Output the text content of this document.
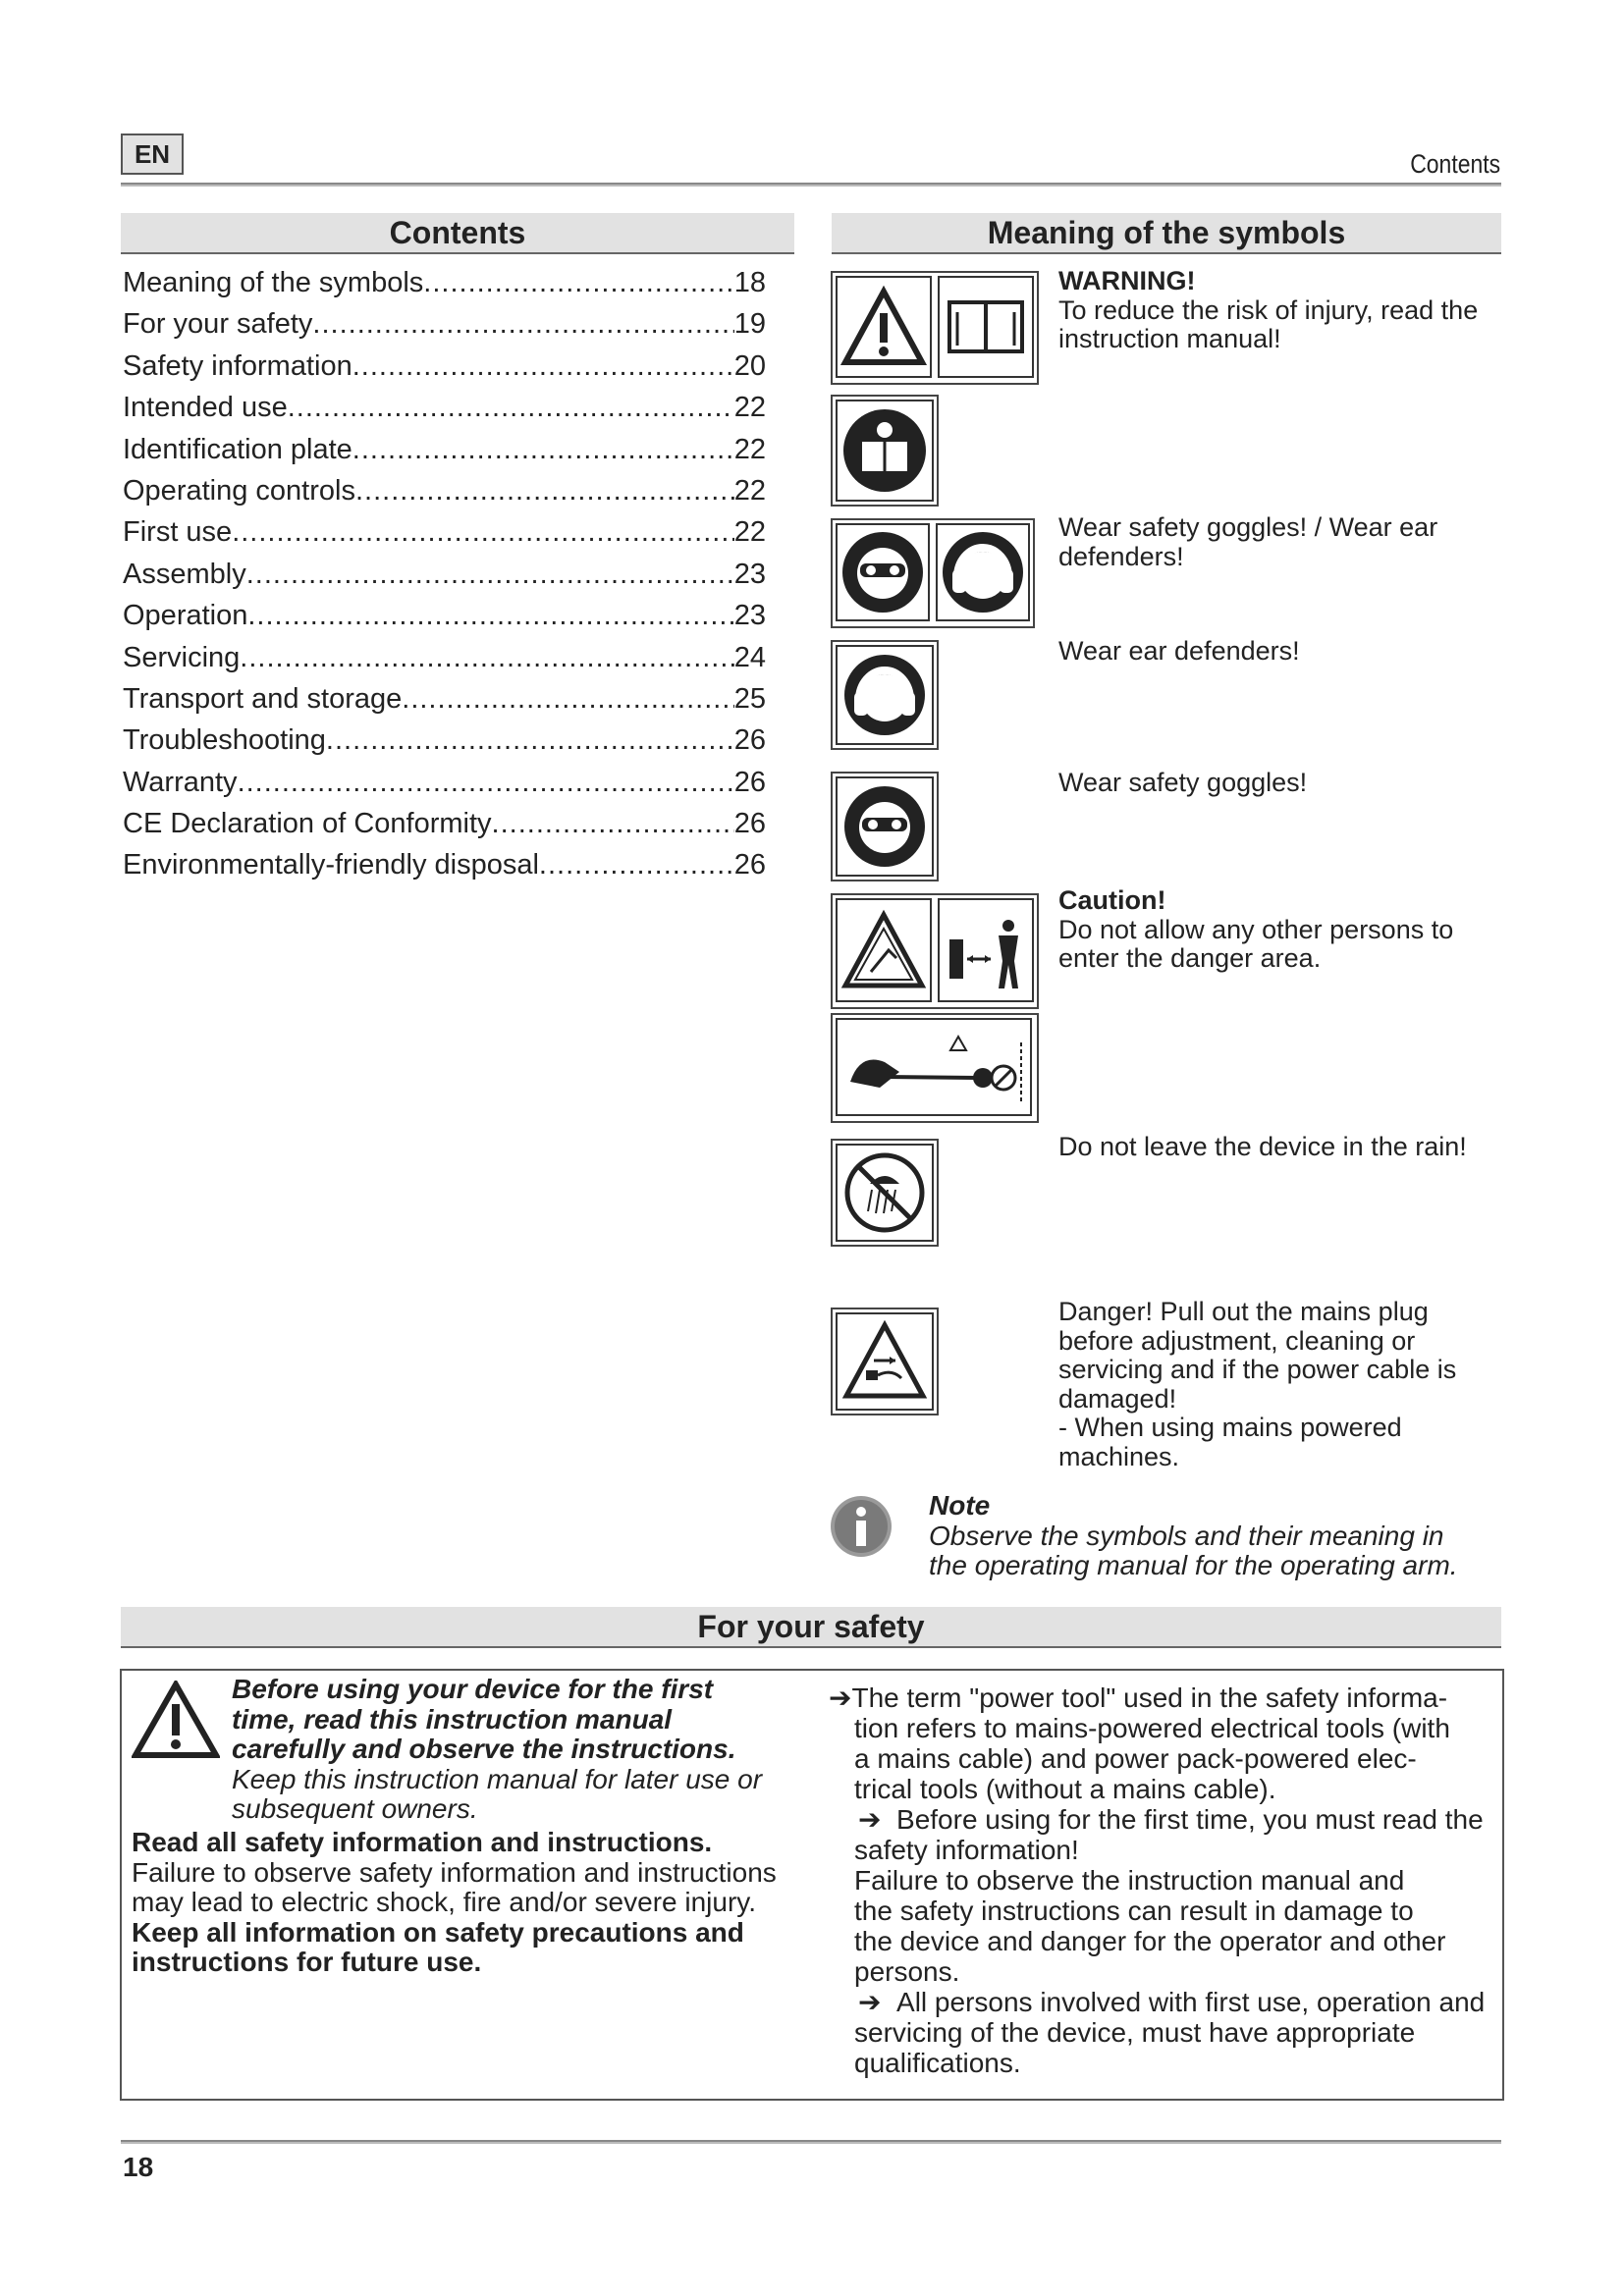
EN	Contents
Contents
Meaning of the symbols .....	18
For your safety .....	19
Safety information .....	20
Intended use .....	22
Identification plate .....	22
Operating controls .....	22
First use .....	22
Assembly .....	23
Operation .....	23
Servicing .....	24
Transport and storage .....	25
Troubleshooting .....	26
Warranty .....	26
CE Declaration of Conformity .....	26
Environmentally-friendly disposal .....	26
Meaning of the symbols
WARNING!
To reduce the risk of injury, read the instruction manual!
Wear safety goggles! / Wear ear defenders!
Wear ear defenders!
Wear safety goggles!
Caution!
Do not allow any other persons to enter the danger area.
Do not leave the device in the rain!
Danger! Pull out the mains plug
before adjustment, cleaning or
servicing and if the power cable is
damaged!
- When using mains powered
machines.
Note
Observe the symbols and their meaning in
the operating manual for the operating arm.
For your safety
Before using your device for the first
time, read this instruction manual
carefully and observe the instructions.
Keep this instruction manual for later use or
subsequent owners.
Read all safety information and instructions.
Failure to observe safety information and instructions
may lead to electric shock, fire and/or severe injury.
Keep all information on safety precautions and
instructions for future use.
➔The term "power tool" used in the safety informa-
tion refers to mains-powered electrical tools (with
a mains cable) and power pack-powered elec-
trical tools (without a mains cable).
➔ Before using for the first time, you must read the
safety information!
Failure to observe the instruction manual and
the safety instructions can result in damage to
the device and danger for the operator and other
persons.
➔ All persons involved with first use, operation and
servicing of the device, must have appropriate
qualifications.
18
